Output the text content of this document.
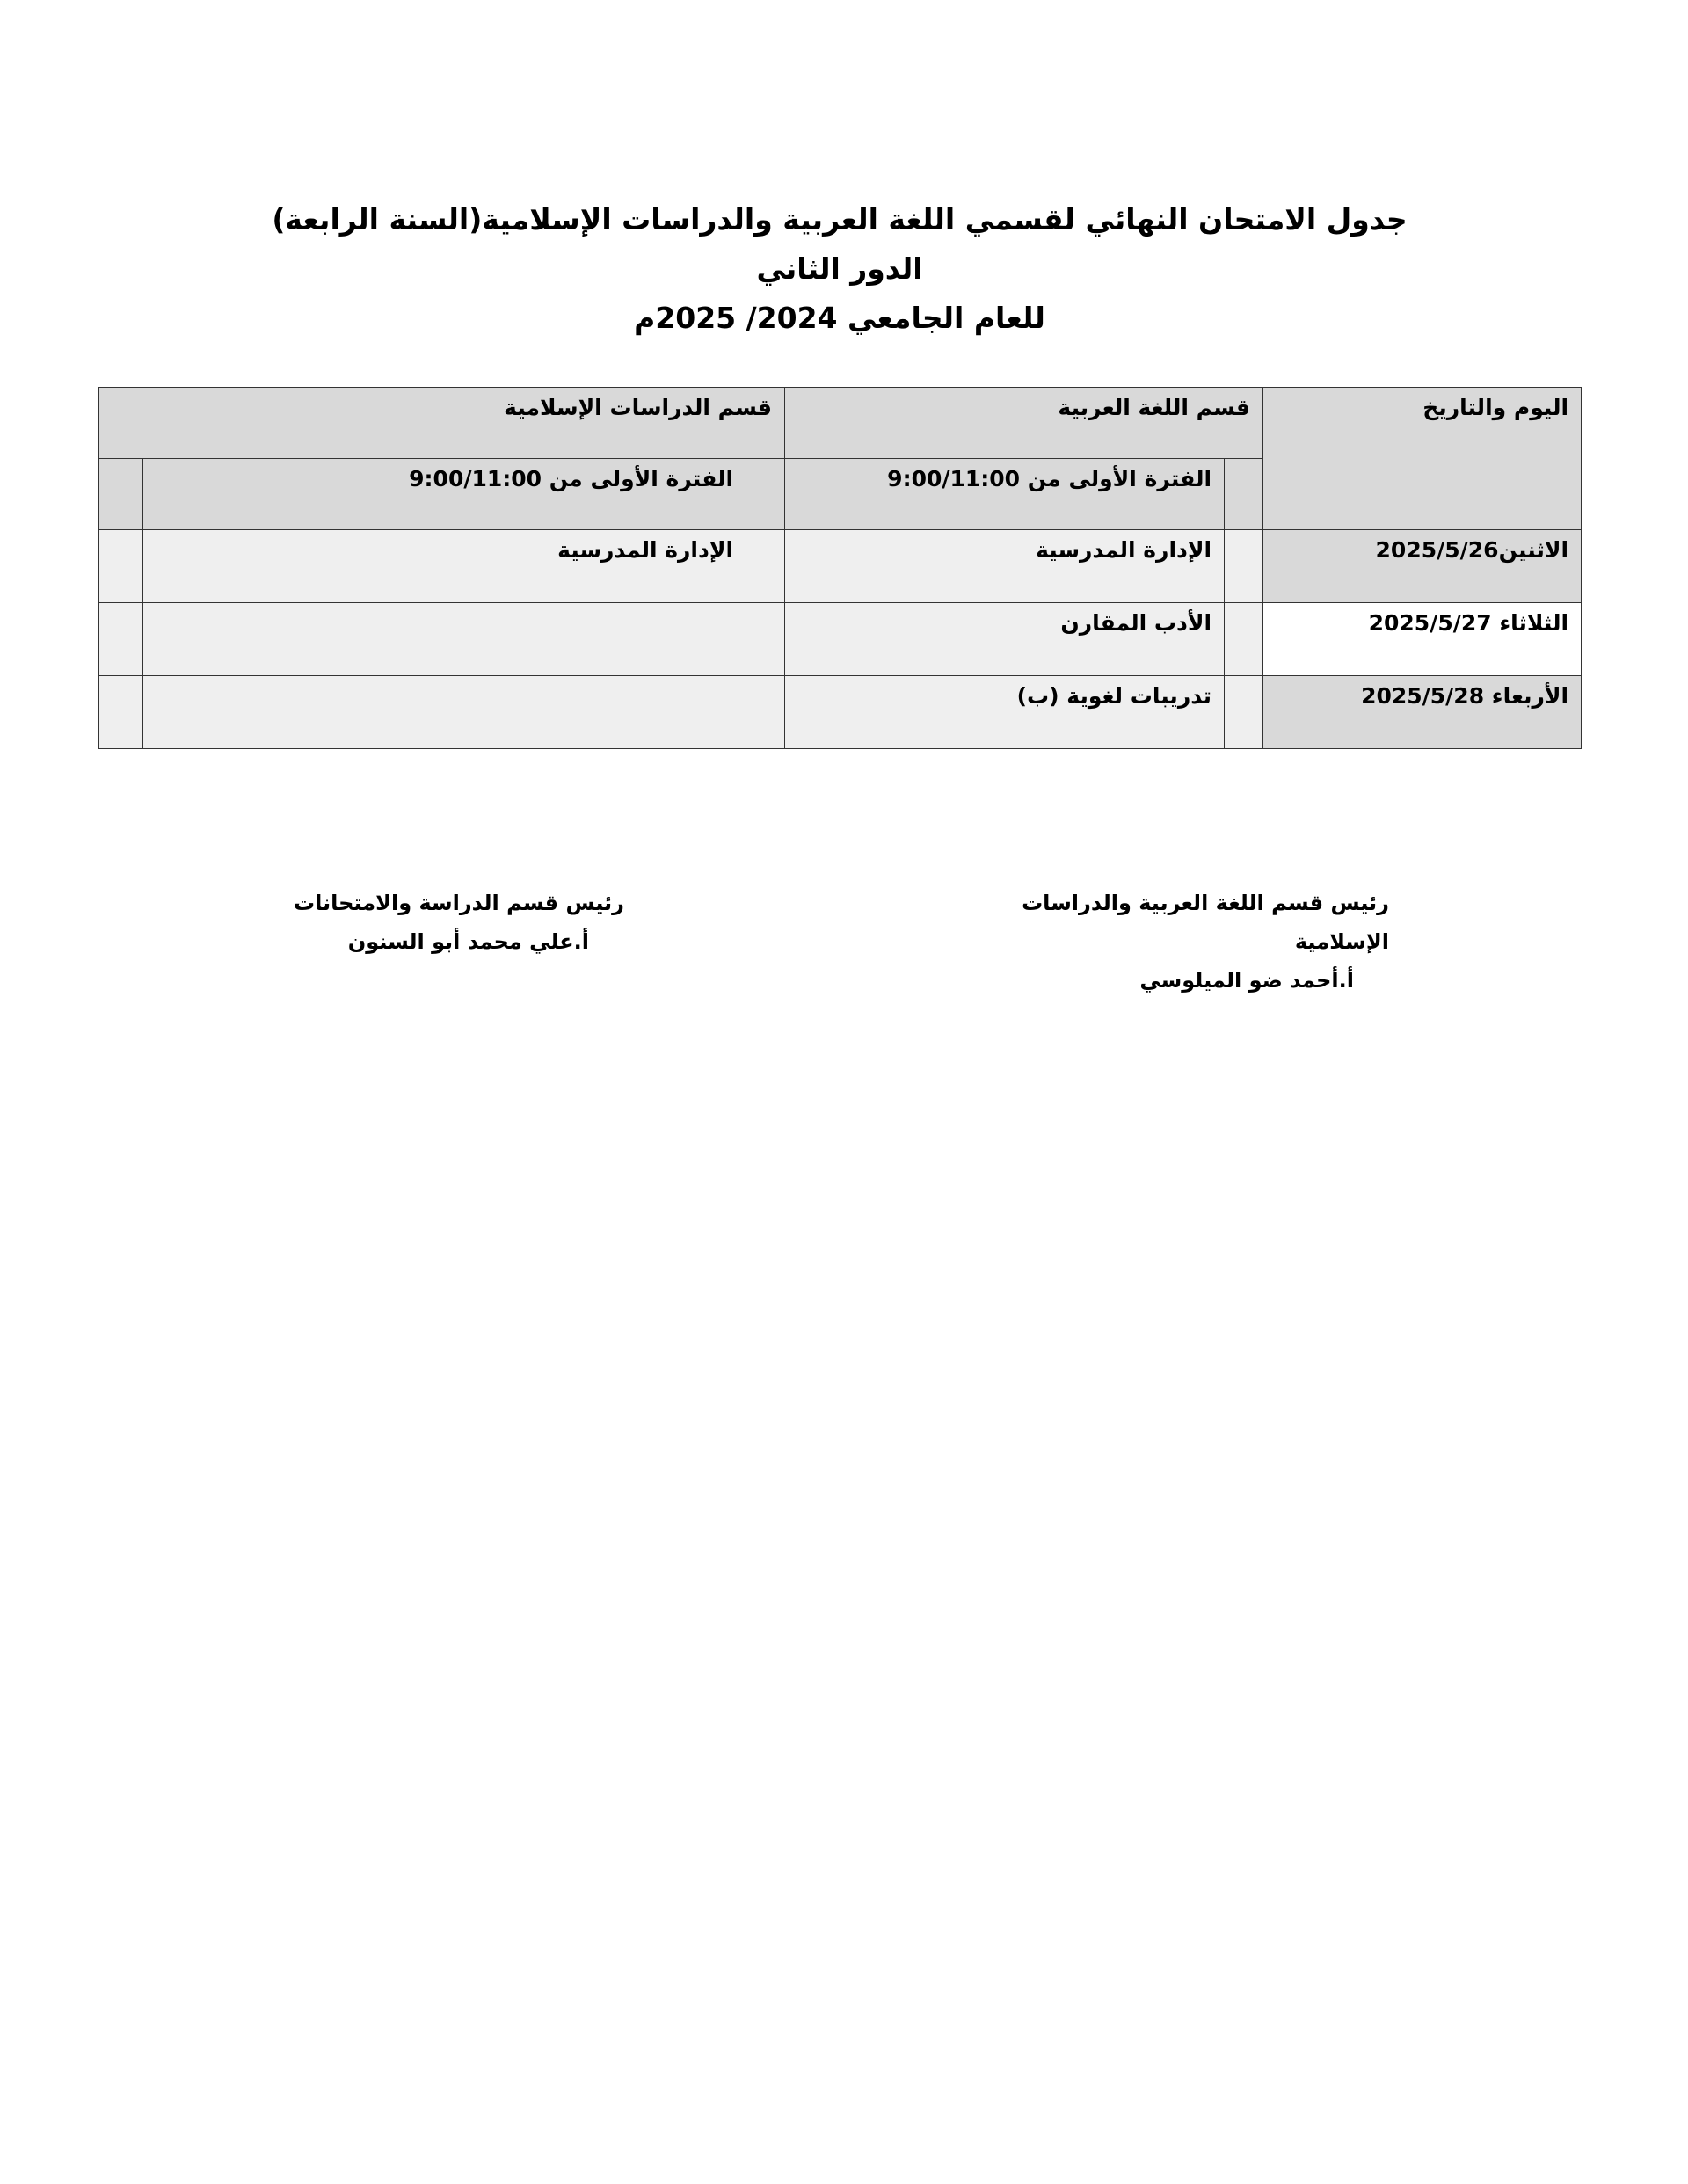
جدول الامتحان النهائي لقسمي اللغة العربية والدراسات الإسلامية(السنة الرابعة) الدور الثاني
للعام الجامعي 2024/ 2025م
اليوم والتاريخ	قسم اللغة العربية		قسم الدراسات الإسلامية		
		الفترة الأولى من 9:00/11:00		الفترة الأولى من 9:00/11:00	
الاثنين2025/5/26		الإدارة المدرسية		الإدارة المدرسية	
الثلاثاء 2025/5/27		الأدب المقارن			
الأربعاء 2025/5/28		تدريبات لغوية (ب)			
رئيس قسم اللغة العربية والدراسات الإسلامية
أ.أحمد ضو الميلوسي
رئيس قسم الدراسة والامتحانات
أ.علي محمد أبو السنون
